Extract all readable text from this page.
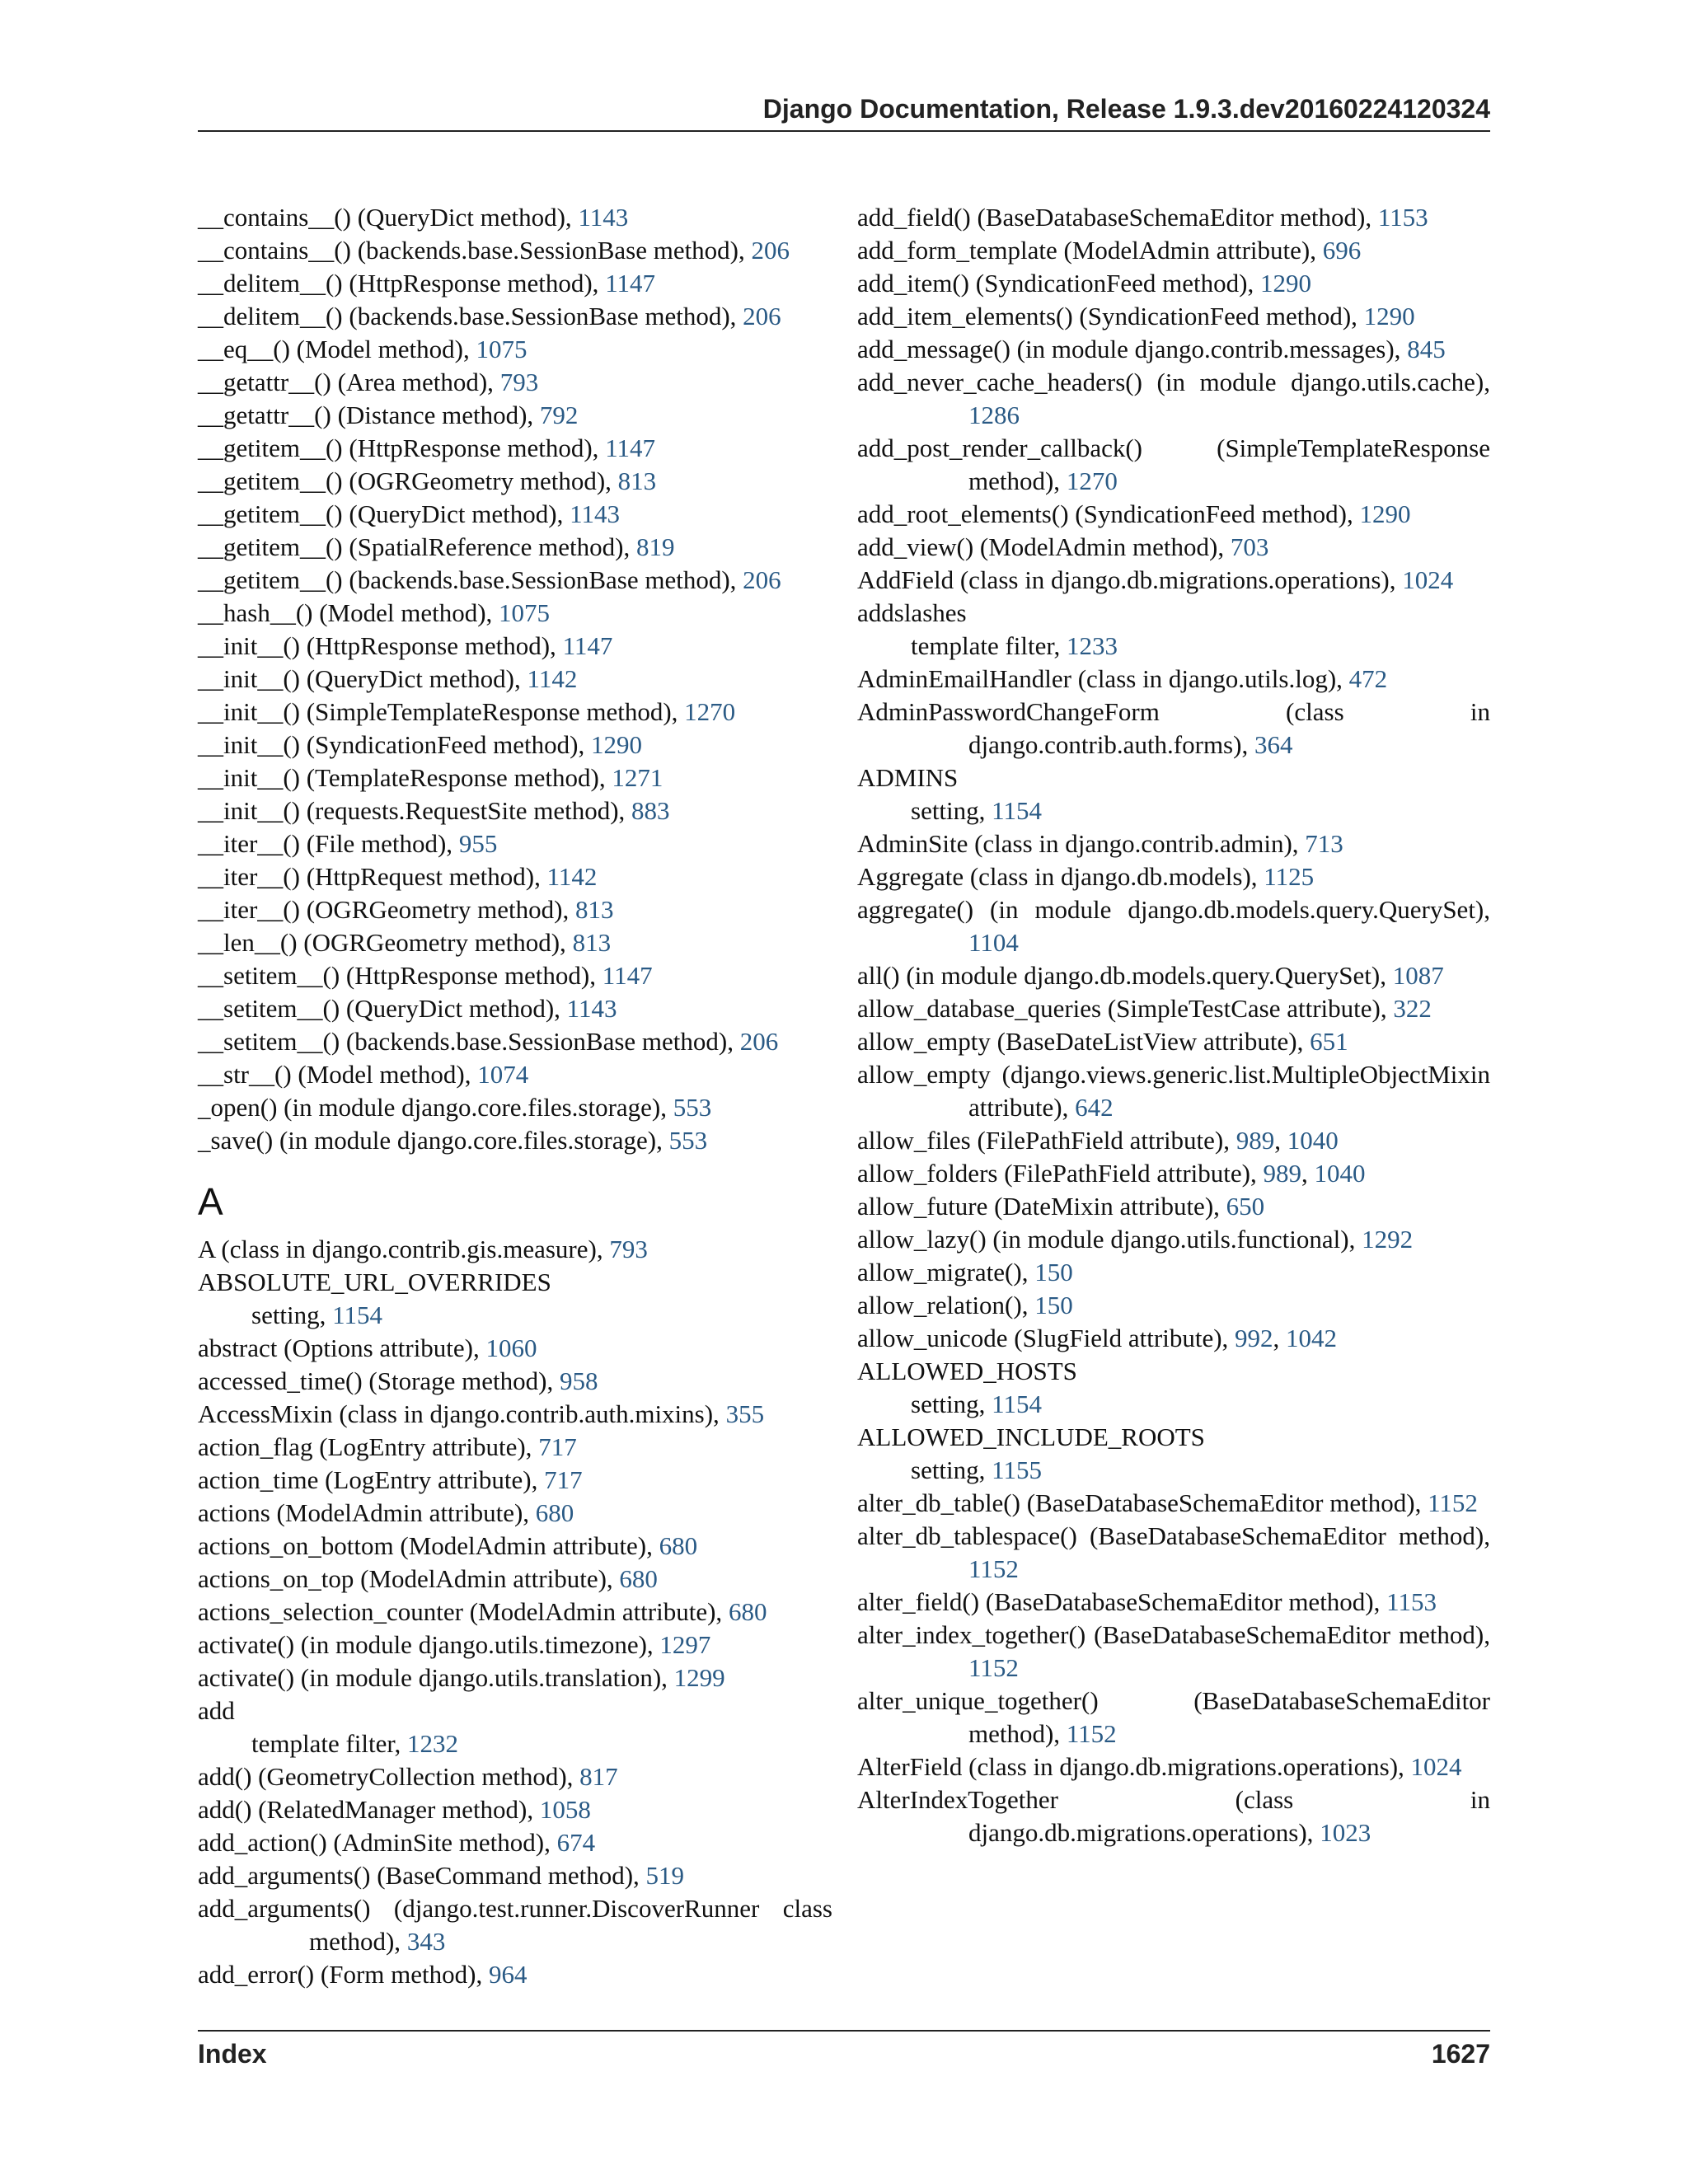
Django Documentation, Release 1.9.3.dev20160224120324
__contains__() (QueryDict method), 1143
__contains__() (backends.base.SessionBase method), 206
__delitem__() (HttpResponse method), 1147
__delitem__() (backends.base.SessionBase method), 206
__eq__() (Model method), 1075
__getattr__() (Area method), 793
__getattr__() (Distance method), 792
__getitem__() (HttpResponse method), 1147
__getitem__() (OGRGeometry method), 813
__getitem__() (QueryDict method), 1143
__getitem__() (SpatialReference method), 819
__getitem__() (backends.base.SessionBase method), 206
__hash__() (Model method), 1075
__init__() (HttpResponse method), 1147
__init__() (QueryDict method), 1142
__init__() (SimpleTemplateResponse method), 1270
__init__() (SyndicationFeed method), 1290
__init__() (TemplateResponse method), 1271
__init__() (requests.RequestSite method), 883
__iter__() (File method), 955
__iter__() (HttpRequest method), 1142
__iter__() (OGRGeometry method), 813
__len__() (OGRGeometry method), 813
__setitem__() (HttpResponse method), 1147
__setitem__() (QueryDict method), 1143
__setitem__() (backends.base.SessionBase method), 206
__str__() (Model method), 1074
_open() (in module django.core.files.storage), 553
_save() (in module django.core.files.storage), 553
A
A (class in django.contrib.gis.measure), 793
ABSOLUTE_URL_OVERRIDES
setting, 1154
abstract (Options attribute), 1060
accessed_time() (Storage method), 958
AccessMixin (class in django.contrib.auth.mixins), 355
action_flag (LogEntry attribute), 717
action_time (LogEntry attribute), 717
actions (ModelAdmin attribute), 680
actions_on_bottom (ModelAdmin attribute), 680
actions_on_top (ModelAdmin attribute), 680
actions_selection_counter (ModelAdmin attribute), 680
activate() (in module django.utils.timezone), 1297
activate() (in module django.utils.translation), 1299
add
template filter, 1232
add() (GeometryCollection method), 817
add() (RelatedManager method), 1058
add_action() (AdminSite method), 674
add_arguments() (BaseCommand method), 519
add_arguments() (django.test.runner.DiscoverRunner class method), 343
add_error() (Form method), 964
add_field() (BaseDatabaseSchemaEditor method), 1153
add_form_template (ModelAdmin attribute), 696
add_item() (SyndicationFeed method), 1290
add_item_elements() (SyndicationFeed method), 1290
add_message() (in module django.contrib.messages), 845
add_never_cache_headers() (in module django.utils.cache), 1286
add_post_render_callback() (SimpleTemplateResponse method), 1270
add_root_elements() (SyndicationFeed method), 1290
add_view() (ModelAdmin method), 703
AddField (class in django.db.migrations.operations), 1024
addslashes
template filter, 1233
AdminEmailHandler (class in django.utils.log), 472
AdminPasswordChangeForm (class in django.contrib.auth.forms), 364
ADMINS
setting, 1154
AdminSite (class in django.contrib.admin), 713
Aggregate (class in django.db.models), 1125
aggregate() (in module django.db.models.query.QuerySet), 1104
all() (in module django.db.models.query.QuerySet), 1087
allow_database_queries (SimpleTestCase attribute), 322
allow_empty (BaseDateListView attribute), 651
allow_empty (django.views.generic.list.MultipleObjectMixin attribute), 642
allow_files (FilePathField attribute), 989, 1040
allow_folders (FilePathField attribute), 989, 1040
allow_future (DateMixin attribute), 650
allow_lazy() (in module django.utils.functional), 1292
allow_migrate(), 150
allow_relation(), 150
allow_unicode (SlugField attribute), 992, 1042
ALLOWED_HOSTS
setting, 1154
ALLOWED_INCLUDE_ROOTS
setting, 1155
alter_db_table() (BaseDatabaseSchemaEditor method), 1152
alter_db_tablespace() (BaseDatabaseSchemaEditor method), 1152
alter_field() (BaseDatabaseSchemaEditor method), 1153
alter_index_together() (BaseDatabaseSchemaEditor method), 1152
alter_unique_together() (BaseDatabaseSchemaEditor method), 1152
AlterField (class in django.db.migrations.operations), 1024
AlterIndexTogether (class in django.db.migrations.operations), 1023
Index	1627
